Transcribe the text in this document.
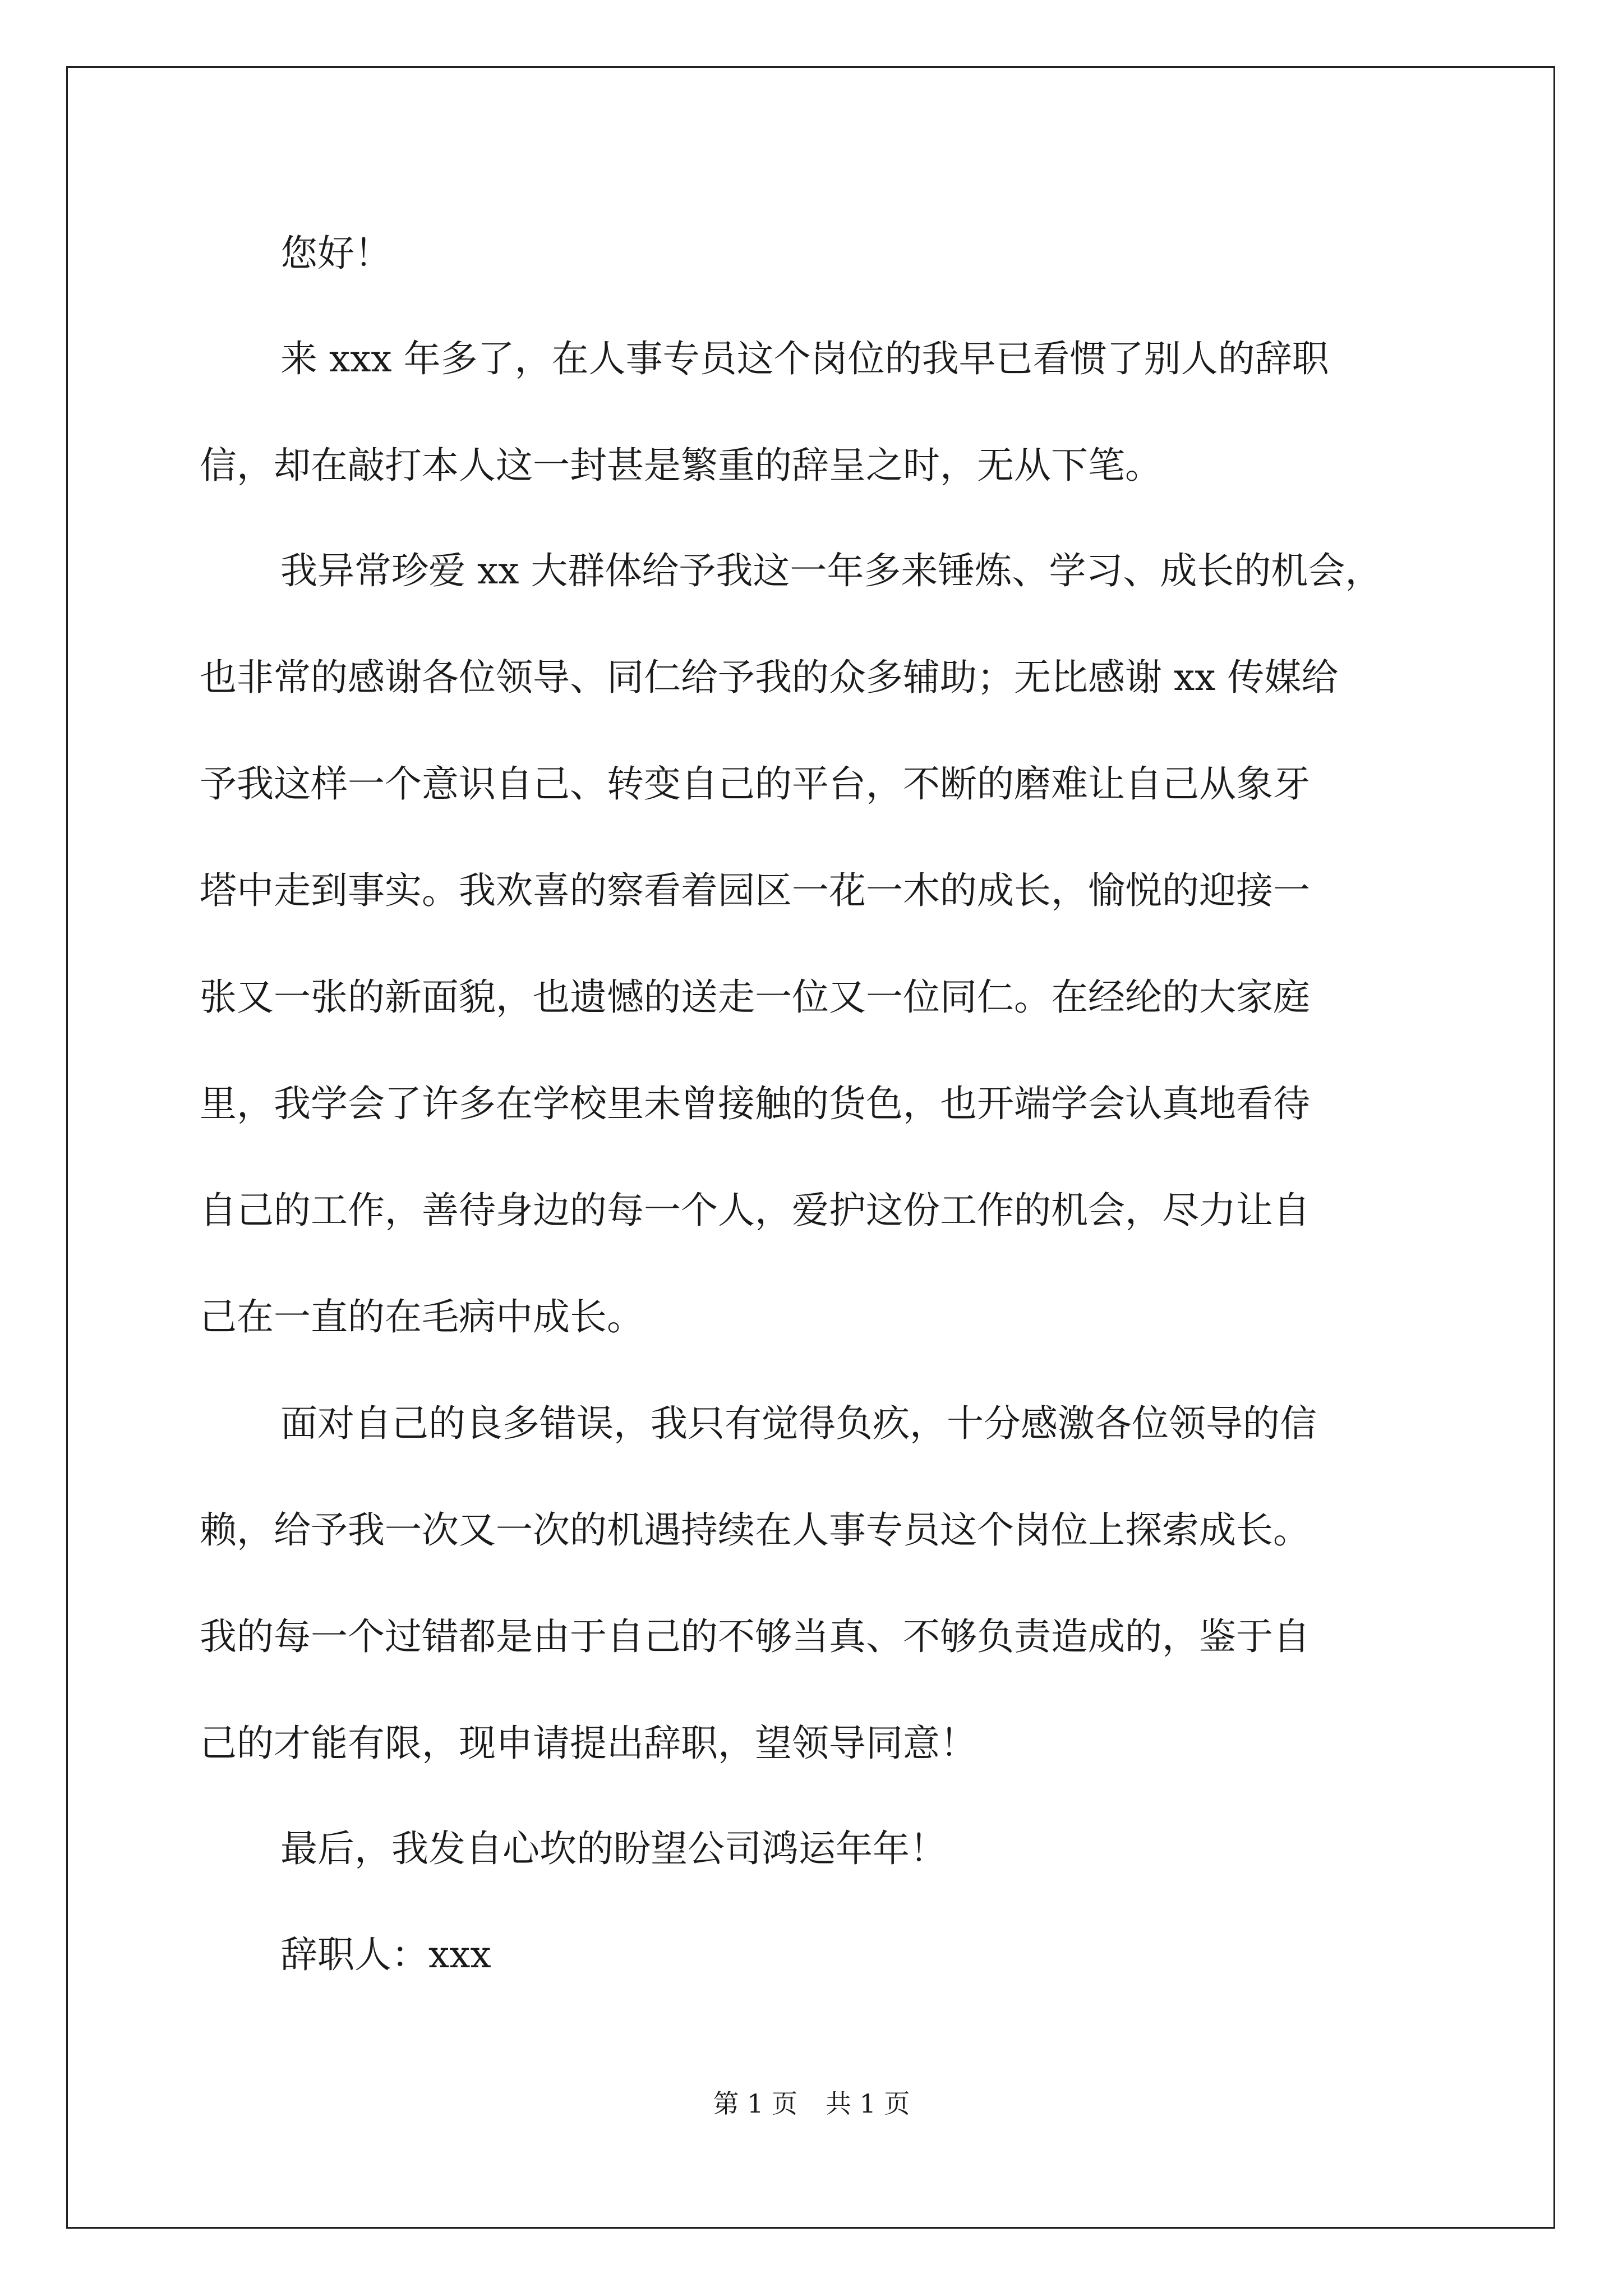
您好！
来 xxx 年多了，在人事专员这个岗位的我早已看惯了别人的辞职
信，却在敲打本人这一封甚是繁重的辞呈之时，无从下笔。
我异常珍爱 xx 大群体给予我这一年多来锤炼、学习、成长的机会，
也非常的感谢各位领导、同仁给予我的众多辅助；无比感谢 xx 传媒给
予我这样一个意识自己、转变自己的平台，不断的磨难让自己从象牙
塔中走到事实。我欢喜的察看着园区一花一木的成长，愉悦的迎接一
张又一张的新面貌，也遗憾的送走一位又一位同仁。在经纶的大家庭
里，我学会了许多在学校里未曾接触的货色，也开端学会认真地看待
自己的工作，善待身边的每一个人，爱护这份工作的机会，尽力让自
己在一直的在毛病中成长。
面对自己的良多错误，我只有觉得负疚，十分感激各位领导的信
赖，给予我一次又一次的机遇持续在人事专员这个岗位上探索成长。
我的每一个过错都是由于自己的不够当真、不够负责造成的，鉴于自
己的才能有限，现申请提出辞职，望领导同意！
最后，我发自心坎的盼望公司鸿运年年！
辞职人：xxx
第 1 页 共 1 页
